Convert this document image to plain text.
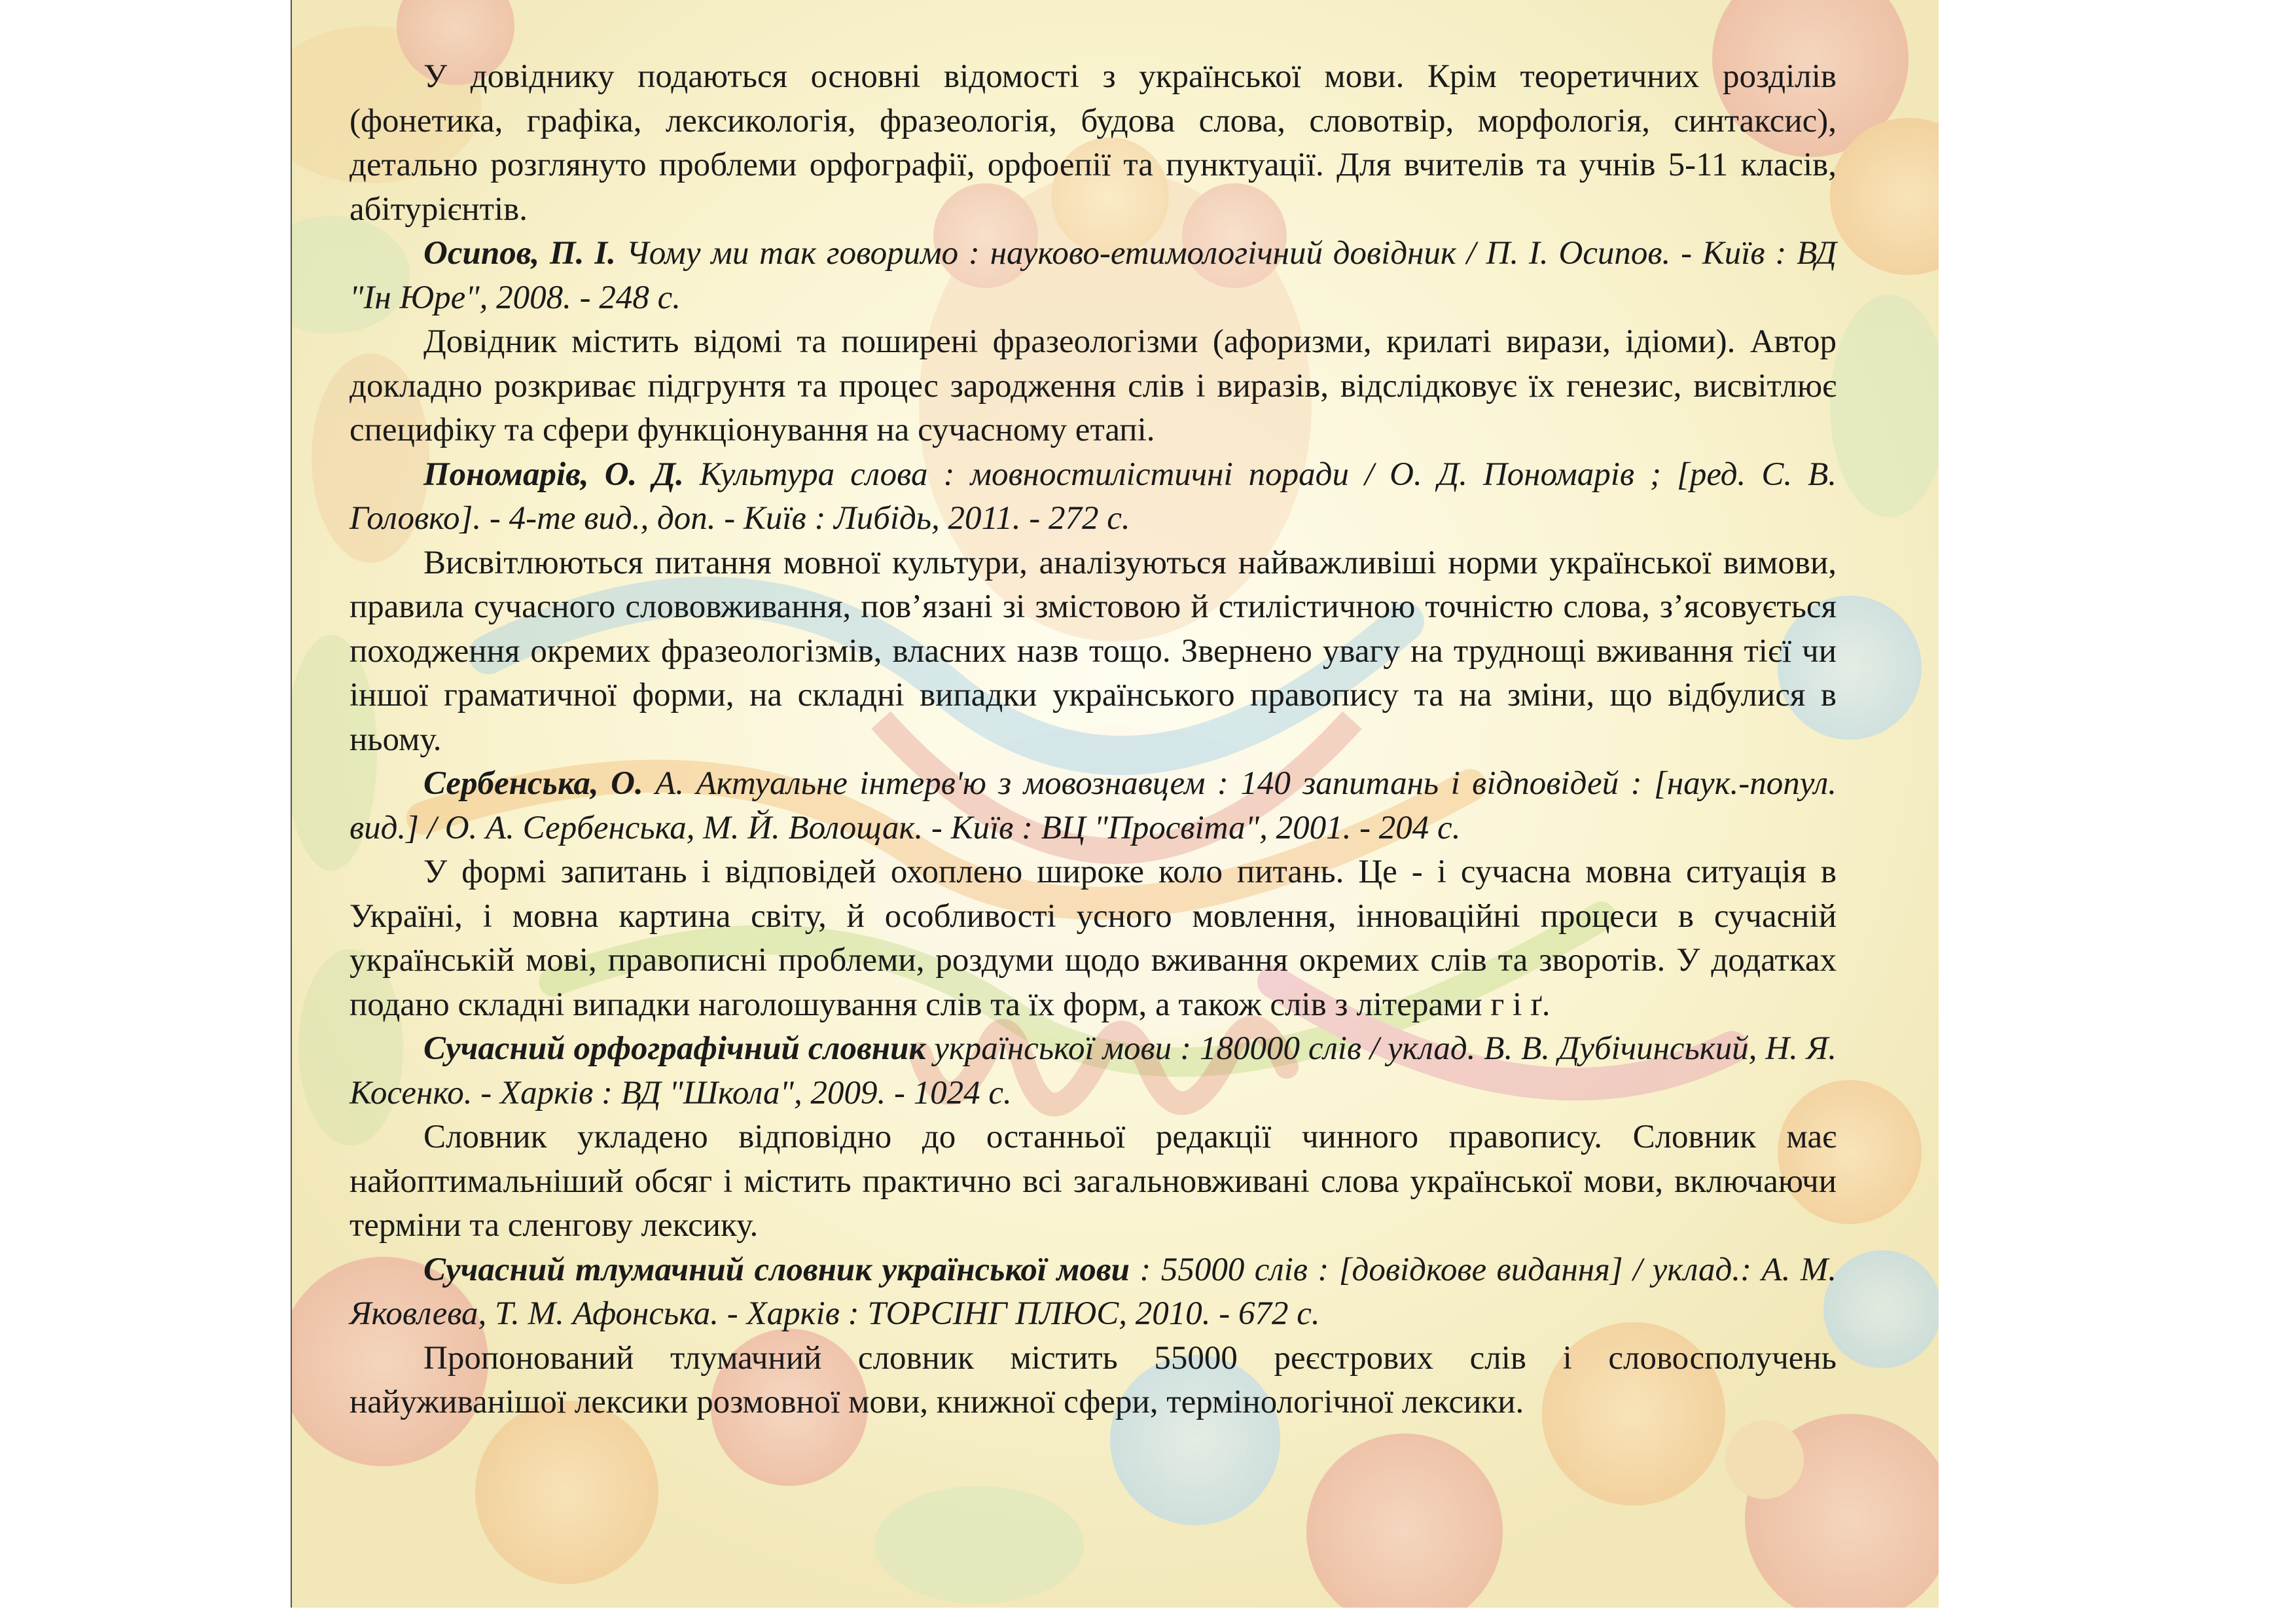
У довіднику подаються основні відомості з української мови. Крім теоретичних розділів (фонетика, графіка, лексикологія, фразеологія, будова слова, словотвір, морфологія, синтаксис), детально розглянуто проблеми орфографії, орфоепії та пунктуації. Для вчителів та учнів 5-11 класів, абітурієнтів.

Осипов, П. І. Чому ми так говоримо : науково-етимологічний довідник / П. І. Осипов. - Київ : ВД "Ін Юре", 2008. - 248 с.

Довідник містить відомі та поширені фразеологізми (афоризми, крилаті вирази, ідіоми). Автор докладно розкриває підгрунтя та процес зародження слів і виразів, відслідковує їх генезис, висвітлює специфіку та сфери функціонування на сучасному етапі.

Пономарів, О. Д. Культура слова : мовностилістичні поради / О. Д. Пономарів ; [ред. С. В. Головко]. - 4-те вид., доп. - Київ : Либідь, 2011. - 272 с.

Висвітлюються питання мовної культури, аналізуються найважливіші норми української вимови, правила сучасного слововживання, пов’язані зі змістовою й стилістичною точністю слова, з’ясовується походження окремих фразеологізмів, власних назв тощо. Звернено увагу на труднощі вживання тієї чи іншої граматичної форми, на складні випадки українського правопису та на зміни, що відбулися в ньому.

Сербенська, О. А. Актуальне інтерв'ю з мовознавцем : 140 запитань і відповідей : [наук.-попул. вид.] / О. А. Сербенська, М. Й. Волощак. - Київ : ВЦ "Просвіта", 2001. - 204 с.

У формі запитань і відповідей охоплено широке коло питань. Це - і сучасна мовна ситуація в Україні, і мовна картина світу, й особливості усного мовлення, інноваційні процеси в сучасній українській мові, правописні проблеми, роздуми щодо вживання окремих слів та зворотів. У додатках подано складні випадки наголошування слів та їх форм, а також слів з літерами г і ґ.

Сучасний орфографічний словник української мови : 180000 слів / уклад. В. В. Дубічинський, Н. Я. Косенко. - Харків : ВД "Школа", 2009. - 1024 с.

Словник укладено відповідно до останньої редакції чинного правопису. Словник має найоптимальніший обсяг і містить практично всі загальновживані слова української мови, включаючи терміни та сленгову лексику.

Сучасний тлумачний словник української мови : 55000 слів : [довідкове видання] / уклад.: А. М. Яковлева, Т. М. Афонська. - Харків : ТОРСІНГ ПЛЮС, 2010. - 672 с.

Пропонований тлумачний словник містить 55000 реєстрових слів і словосполучень найуживанішої лексики розмовної мови, книжної сфери, термінологічної лексики.
